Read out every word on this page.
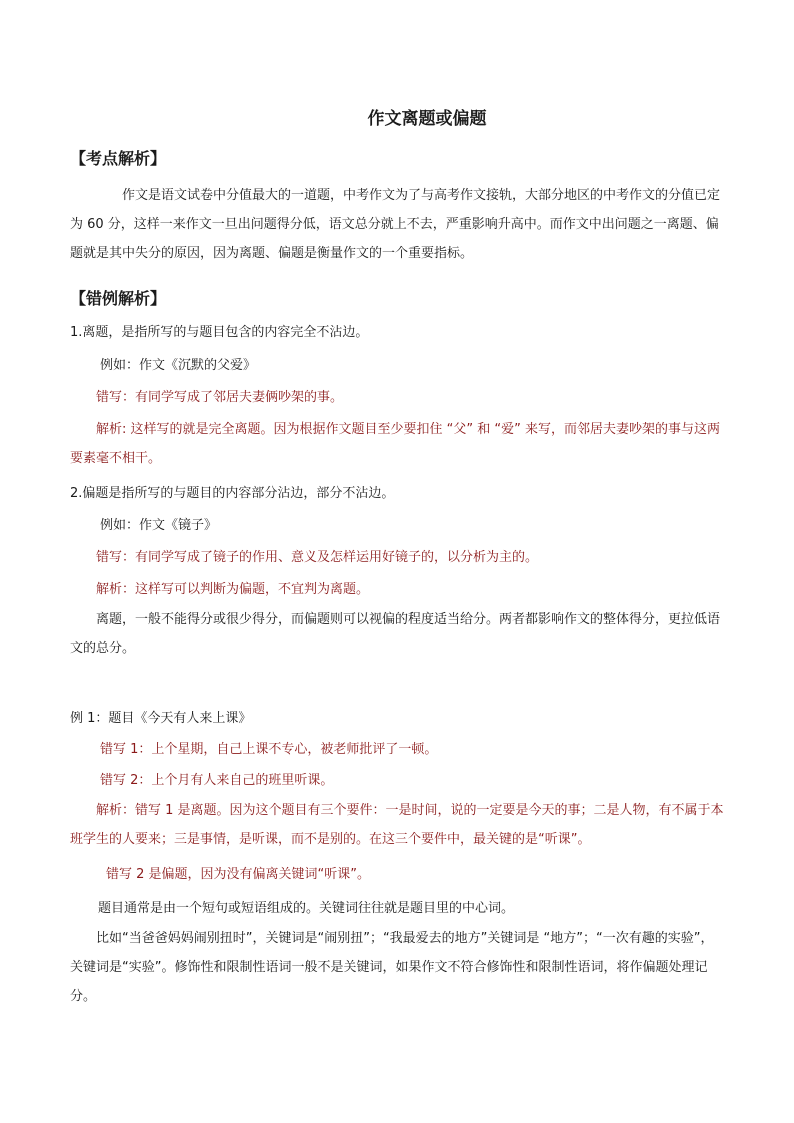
作文离题或偏题
【考点解析】
作文是语文试卷中分值最大的一道题，中考作文为了与高考作文接轨，大部分地区的中考作文的分值已定为 60 分，这样一来作文一旦出问题得分低，语文总分就上不去，严重影响升高中。而作文中出问题之一离题、偏题就是其中失分的原因，因为离题、偏题是衡量作文的一个重要指标。
【错例解析】
1.离题，是指所写的与题目包含的内容完全不沾边。
例如：作文《沉默的父爱》
错写：有同学写成了邻居夫妻俩吵架的事。
解析: 这样写的就是完全离题。因为根据作文题目至少要扣住 “父” 和 “爱” 来写，而邻居夫妻吵架的事与这两要素毫不相干。
2.偏题是指所写的与题目的内容部分沾边，部分不沾边。
例如：作文《镜子》
错写：有同学写成了镜子的作用、意义及怎样运用好镜子的，以分析为主的。
解析：这样写可以判断为偏题，不宜判为离题。
离题，一般不能得分或很少得分，而偏题则可以视偏的程度适当给分。两者都影响作文的整体得分，更拉低语文的总分。
例 1：题目《今天有人来上课》
错写 1：上个星期，自己上课不专心，被老师批评了一顿。
错写 2：上个月有人来自己的班里听课。
解析：错写 1 是离题。因为这个题目有三个要件：一是时间，说的一定要是今天的事；二是人物，有不属于本班学生的人要来；三是事情，是听课，而不是别的。在这三个要件中，最关键的是“听课”。
错写 2 是偏题，因为没有偏离关键词“听课”。
题目通常是由一个短句或短语组成的。关键词往往就是题目里的中心词。
比如“当爸爸妈妈闹别扭时”，关键词是“闹别扭”；“我最爱去的地方”关键词是 “地方”；“一次有趣的实验”，关键词是“实验”。修饰性和限制性语词一般不是关键词，如果作文不符合修饰性和限制性语词，将作偏题处理记分。
